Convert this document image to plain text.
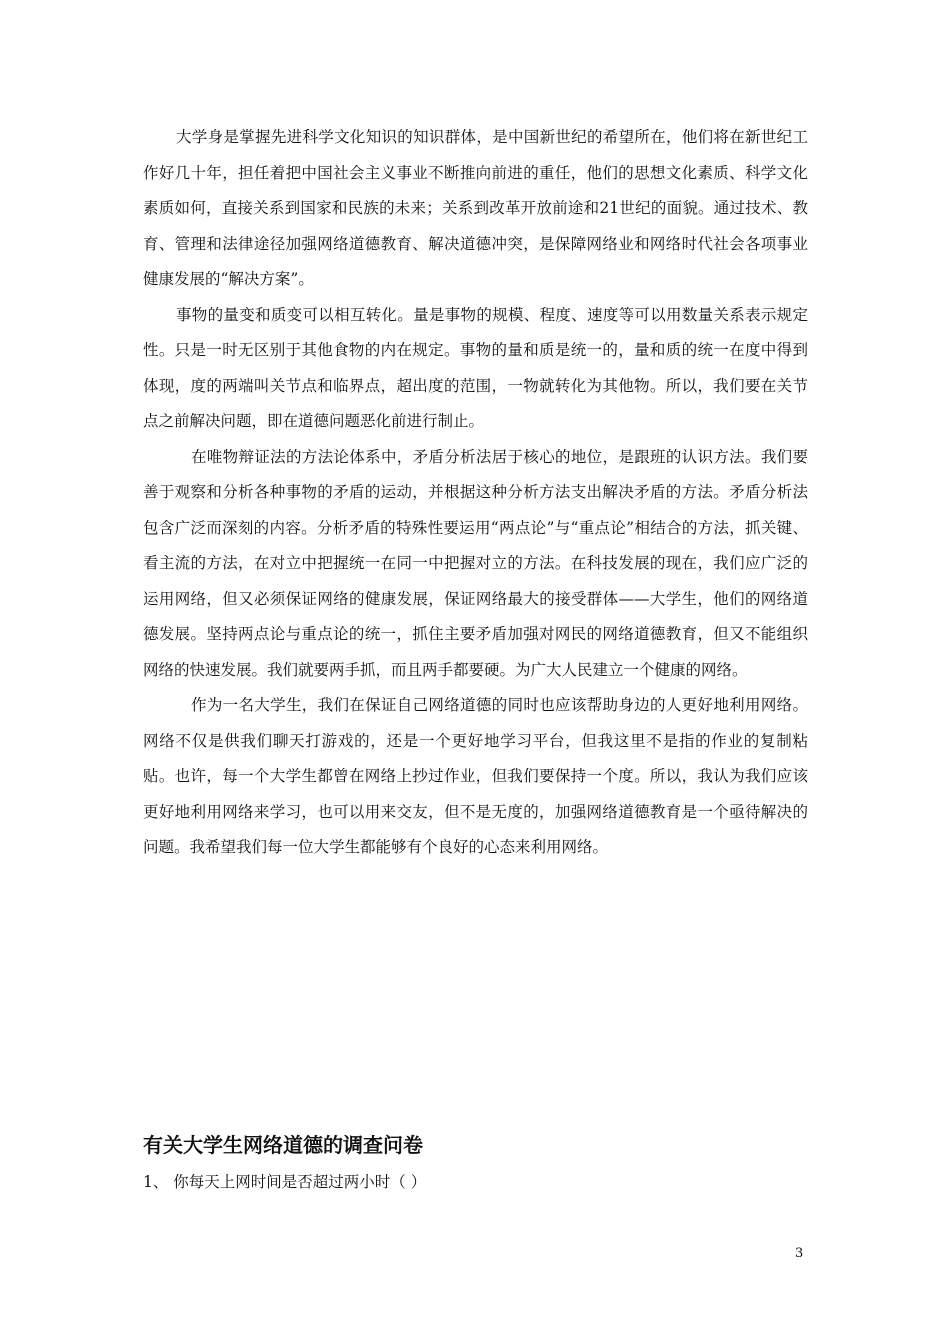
大学身是掌握先进科学文化知识的知识群体，是中国新世纪的希望所在，他们将在新世纪工作好几十年，担任着把中国社会主义事业不断推向前进的重任，他们的思想文化素质、科学文化素质如何，直接关系到国家和民族的未来；关系到改革开放前途和21世纪的面貌。通过技术、教育、管理和法律途径加强网络道德教育、解决道德冲突，是保障网络业和网络时代社会各项事业健康发展的“解决方案”。

事物的量变和质变可以相互转化。量是事物的规模、程度、速度等可以用数量关系表示规定性。只是一时无区别于其他食物的内在规定。事物的量和质是统一的，量和质的统一在度中得到体现，度的两端叫关节点和临界点，超出度的范围，一物就转化为其他物。所以，我们要在关节点之前解决问题，即在道德问题恶化前进行制止。

在唯物辩证法的方法论体系中，矛盾分析法居于核心的地位，是跟班的认识方法。我们要善于观察和分析各种事物的矛盾的运动，并根据这种分析方法支出解决矛盾的方法。矛盾分析法包含广泛而深刻的内容。分析矛盾的特殊性要运用“两点论”与“重点论”相结合的方法，抓关键、看主流的方法，在对立中把握统一在同一中把握对立的方法。在科技发展的现在，我们应广泛的运用网络，但又必须保证网络的健康发展，保证网络最大的接受群体——大学生，他们的网络道德发展。坚持两点论与重点论的统一，抓住主要矛盾加强对网民的网络道德教育，但又不能组织网络的快速发展。我们就要两手抓，而且两手都要硬。为广大人民建立一个健康的网络。

作为一名大学生，我们在保证自己网络道德的同时也应该帮助身边的人更好地利用网络。网络不仅是供我们聊天打游戏的，还是一个更好地学习平台，但我这里不是指的作业的复制粘贴。也许，每一个大学生都曾在网络上抄过作业，但我们要保持一个度。所以，我认为我们应该更好地利用网络来学习，也可以用来交友，但不是无度的，加强网络道德教育是一个亟待解决的问题。我希望我们每一位大学生都能够有个良好的心态来利用网络。

有关大学生网络道德的调查问卷

1、 你每天上网时间是否超过两小时（ ）

3
